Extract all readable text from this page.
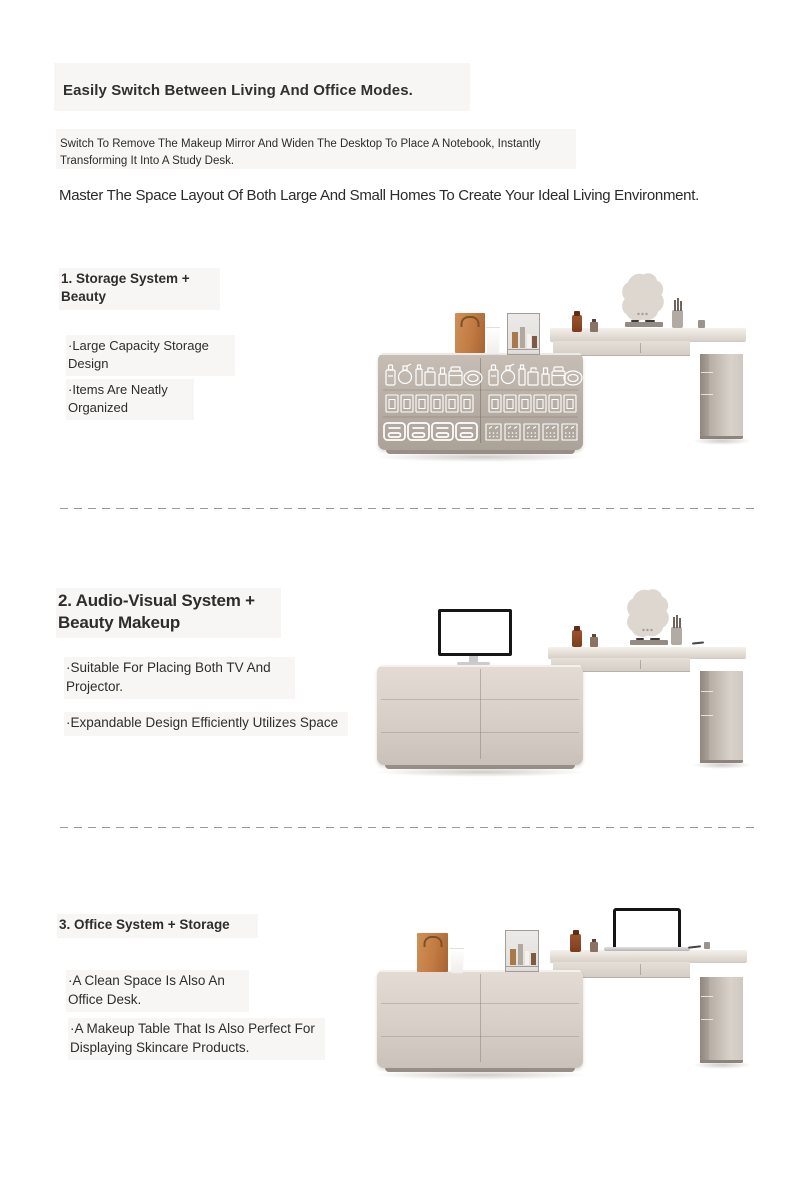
Easily Switch Between Living And Office Modes.
Switch To Remove The Makeup Mirror And Widen The Desktop To Place A Notebook, Instantly
Transforming It Into A Study Desk.
Master The Space Layout Of Both Large And Small Homes To Create Your Ideal Living Environment.
1. Storage System +
Beauty
·Large Capacity Storage
Design
·Items Are Neatly
Organized
2. Audio-Visual System +
Beauty Makeup
·Suitable For Placing Both TV And
Projector.
·Expandable Design Efficiently Utilizes Space
3. Office System + Storage
·A Clean Space Is Also An
Office Desk.
·A Makeup Table That Is Also Perfect For
Displaying Skincare Products.
